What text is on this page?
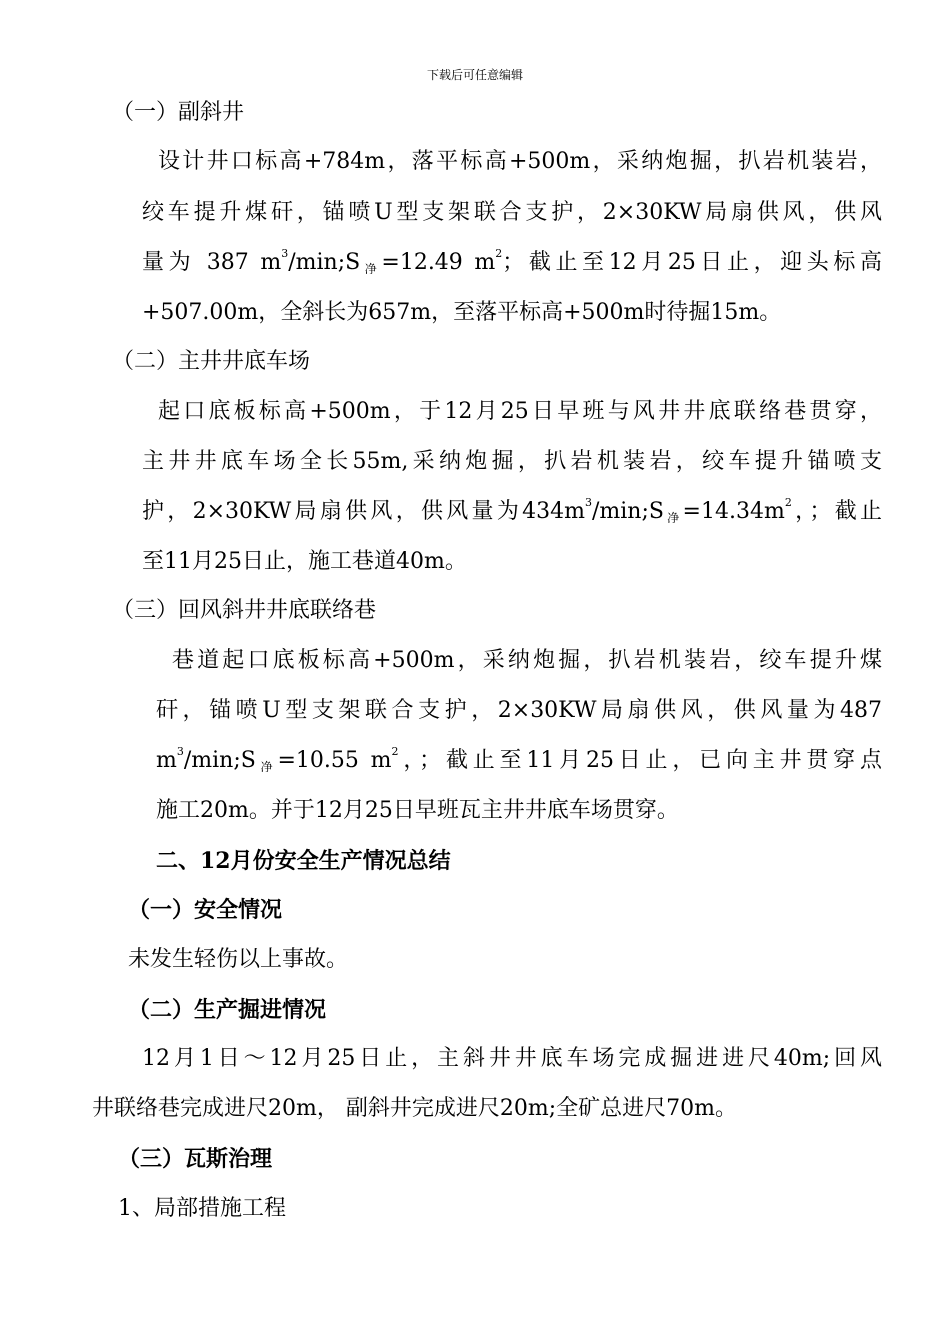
下载后可任意编辑
（一）副斜井
设计井口标高+784m，落平标高+500m，采纳炮掘，扒岩机装岩，
绞车提升煤矸，锚喷U型支架联合支护，2×30KW局扇供风，供风
量为 387 $m^3/\min;S_净=12.49$ $m^2$；截止至12月25日止，迎头标高
+507.00m，全斜长为657m，至落平标高+500m时待掘15m。
（二）主井井底车场
起口底板标高+500m，于12月25日早班与风井井底联络巷贯穿，
主井井底车场全长55m,采纳炮掘，扒岩机装岩，绞车提升锚喷支
护，2×30KW局扇供风，供风量为$434m^3/\min;S_净=14.34m^2$，；截止
至11月25日止，施工巷道40m。
（三）回风斜井井底联络巷
巷道起口底板标高+500m，采纳炮掘，扒岩机装岩，绞车提升煤
矸，锚喷U型支架联合支护，2×30KW局扇供风，供风量为487
$m^3/\min;S_净=10.55$ $m^2$，；截止至11月25日止，已向主井贯穿点
施工20m。并于12月25日早班瓦主井井底车场贯穿。
二、12月份安全生产情况总结
（一）安全情况
未发生轻伤以上事故。
（二）生产掘进情况
12月1日～12月25日止，主斜井井底车场完成掘进进尺40m;回风
井联络巷完成进尺20m， 副斜井完成进尺20m;全矿总进尺70m。
（三）瓦斯治理
1、局部措施工程
